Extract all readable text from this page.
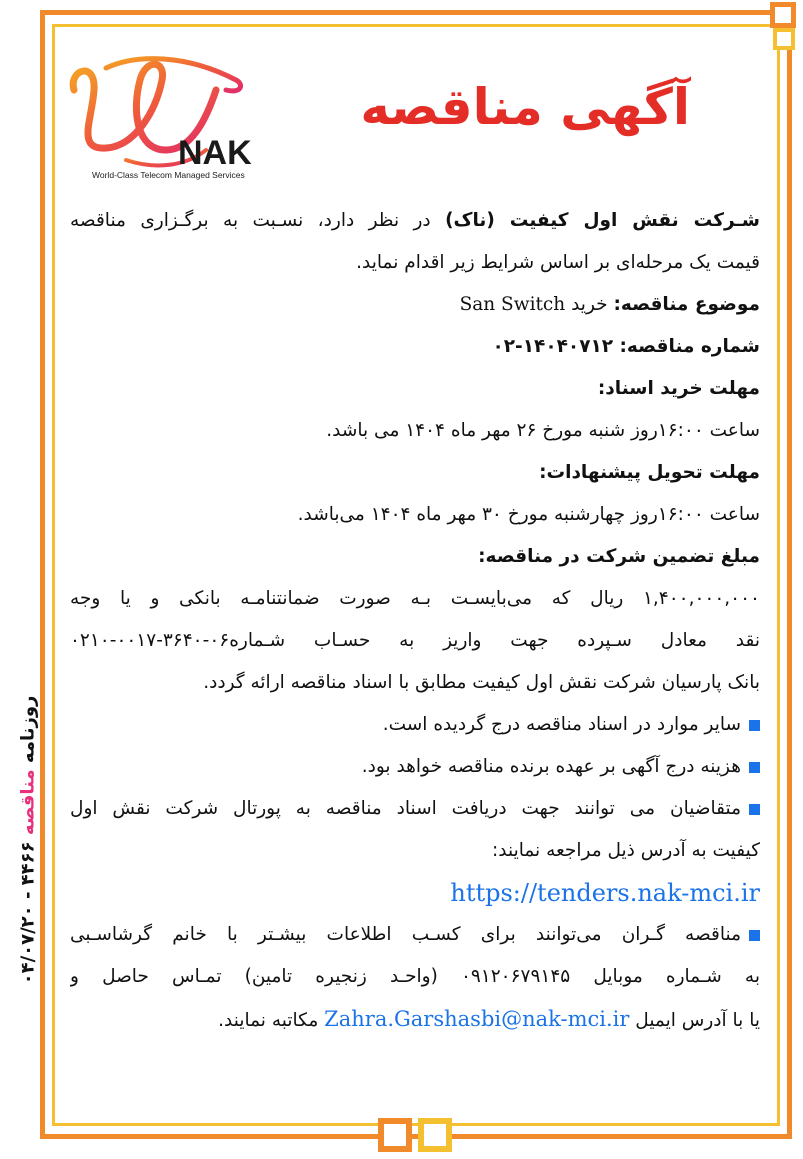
روزنامه مناقصه ۴۴۶۶ - ۰۴/۰۷/۲۰
NAK
World-Class Telecom Managed Services
آگهی مناقصه
شـرکت نقش اول کیفیت (ناک) در نظر دارد، نسـبت به برگـزاری مناقصه
قیمت یک مرحله‌ای بر اساس شرایط زیر اقدام نماید.
موضوع مناقصه: خرید San Switch
شماره مناقصه: ۱۴۰۴۰۷۱۲-۰۲
مهلت خرید اسناد:
ساعت ۱۶:۰۰روز شنبه مورخ ۲۶ مهر ماه ۱۴۰۴ می باشد.
مهلت تحویل پیشنهادات:
ساعت ۱۶:۰۰روز چهارشنبه مورخ ۳۰ مهر ماه ۱۴۰۴ می‌باشد.
مبلغ تضمین شرکت در مناقصه:
۱,۴۰۰,۰۰۰,۰۰۰ ریال که می‌بایسـت بـه صورت ضمانتنامـه بانکی و یا وجه
نقد معادل سـپرده جهت واریز به حسـاب شـماره۰۶-۳۶۴۰-۰۰۱۷-۰۲۱۰
بانک پارسیان شرکت نقش اول کیفیت مطابق با اسناد مناقصه ارائه گردد.
سایر موارد در اسناد مناقصه درج گردیده است.
هزینه درج آگهی بر عهده برنده مناقصه خواهد بود.
متقاضیان می توانند جهت دریافت اسناد مناقصه به پورتال شرکت نقش اول
کیفیت به آدرس ذیل مراجعه نمایند:
https://tenders.nak-mci.ir
مناقصه گـران می‌توانند برای کسـب اطلاعات بیشـتر با خانم گرشاسـبی
به شـماره موبایل ۰۹۱۲۰۶۷۹۱۴۵ (واحـد زنجیره تامین) تمـاس حاصل و
یا با آدرس ایمیل Zahra.Garshasbi@nak-mci.ir مکاتبه نمایند.
